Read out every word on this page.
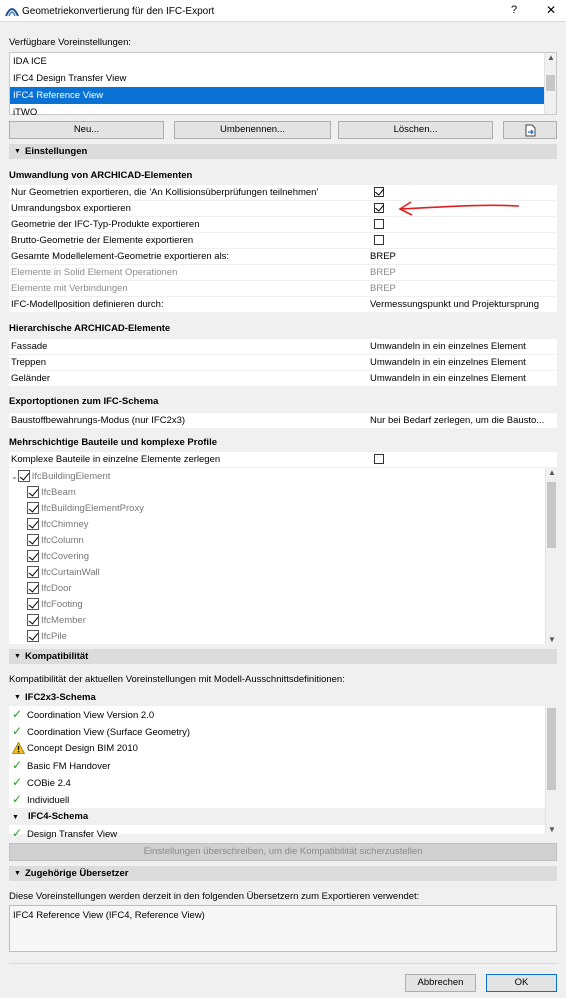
Geometriekonvertierung für den IFC-Export	? ✕
Verfügbare Voreinstellungen:
IDA ICE
IFC4 Design Transfer View
IFC4 Reference View
iTWO
▲
Neu...	Umbenennen...	Löschen...
▼ Einstellungen
Umwandlung von ARCHICAD-Elementen
Nur Geometrien exportieren, die 'An Kollisionsüberprüfungen teilnehmen'
Umrandungsbox exportieren
Geometrie der IFC-Typ-Produkte exportieren
Brutto-Geometrie der Elemente exportieren
Gesamte Modellelement-Geometrie exportieren als:	BREP
Elemente in Solid Element Operationen	BREP
Elemente mit Verbindungen	BREP
IFC-Modellposition definieren durch:	Vermessungspunkt und Projektursprung
Hierarchische ARCHICAD-Elemente
Fassade	Umwandeln in ein einzelnes Element
Treppen	Umwandeln in ein einzelnes Element
Geländer	Umwandeln in ein einzelnes Element
Exportoptionen zum IFC-Schema
Baustoffbewahrungs-Modus (nur IFC2x3)	Nur bei Bedarf zerlegen, um die Bausto...
Mehrschichtige Bauteile und komplexe Profile
Komplexe Bauteile in einzelne Elemente zerlegen
⌄ IfcBuildingElement
IfcBeam
IfcBuildingElementProxy
IfcChimney
IfcColumn
IfcCovering
IfcCurtainWall
IfcDoor
IfcFooting
IfcMember
IfcPile
▲
▼
▼ Kompatibilität
Kompatibilität der aktuellen Voreinstellungen mit Modell-Ausschnittsdefinitionen:
▼ IFC2x3-Schema
✓ Coordination View Version 2.0
✓ Coordination View (Surface Geometry)
Concept Design BIM 2010
✓ Basic FM Handover
✓ COBie 2.4
✓ Individuell
▼ IFC4-Schema
✓ Design Transfer View	▼
Einstellungen überschreiben, um die Kompatibilität sicherzustellen
▼ Zugehörige Übersetzer
Diese Voreinstellungen werden derzeit in den folgenden Übersetzern zum Exportieren verwendet:
IFC4 Reference View (IFC4, Reference View)
Abbrechen	OK
